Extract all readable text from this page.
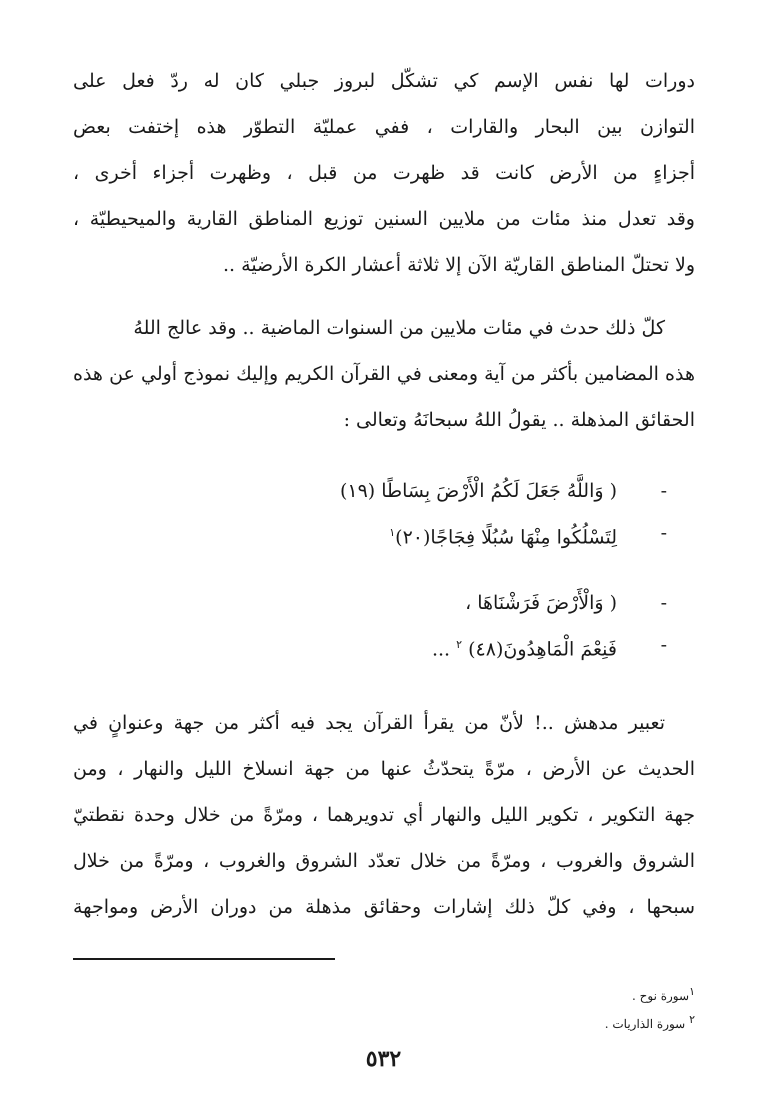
دورات لها نفس الإسم كي تشكّل لبروز جبلي كان له ردّ فعل على
التوازن بين البحار والقارات ، ففي عمليّة التطوّر هذه إختفت بعض
أجزاءٍ من الأرض كانت قد ظهرت من قبل ، وظهرت أجزاء أخرى ،
وقد تعدل منذ مئات من ملايين السنين توزيع المناطق القارية والميحيطيّة ،
ولا تحتلّ المناطق القاريّة الآن إلا ثلاثة أعشار الكرة الأرضيّة ..
كلّ ذلك حدث في مئات ملايين من السنوات الماضية .. وقد عالج اللهُ
هذه المضامين بأكثر من آية ومعنى في القرآن الكريم وإليك نموذج أولي عن هذه
الحقائق المذهلة .. يقولُ اللهُ سبحانَهُ وتعالى :
-
( وَاللَّهُ جَعَلَ لَكُمُ الْأَرْضَ بِسَاطًا (١٩)
-
لِتَسْلُكُوا مِنْهَا سُبُلًا فِجَاجًا(٢٠)$^١$
-
( وَالْأَرْضَ فَرَشْنَاهَا ،
-
فَنِعْمَ الْمَاهِدُونَ(٤٨) $^٢$ ...
تعبير مدهش ..! لأنّ من يقرأ القرآن يجد فيه أكثر من جهة وعنوانٍ في
الحديث عن الأرض ، مرّةً يتحدّثُ عنها من جهة انسلاخ الليل والنهار ، ومن
جهة التكوير ، تكوير الليل والنهار أي تدويرهما ، ومرّةً من خلال وحدة نقطتيّ
الشروق والغروب ، ومرّةً من خلال تعدّد الشروق والغروب ، ومرّةً من خلال
سبحها ، وفي كلّ ذلك إشارات وحقائق مذهلة من دوران الأرض ومواجهة
$^١$سورة نوح .
$^٢$ سورة الذاريات .
٥٣٢
